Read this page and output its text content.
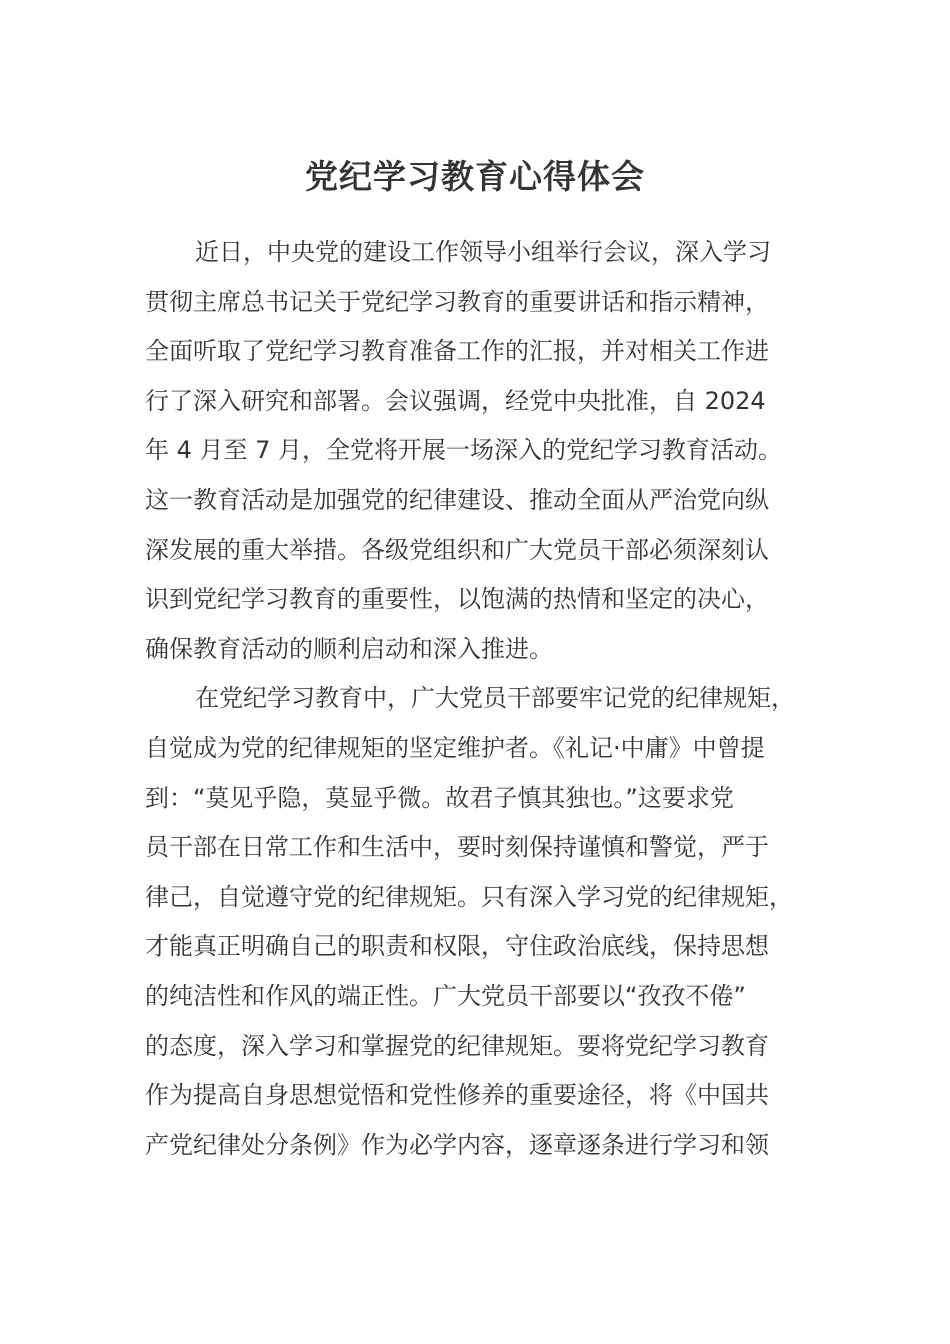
党纪学习教育心得体会
近日，中央党的建设工作领导小组举行会议，深入学习
贯彻主席总书记关于党纪学习教育的重要讲话和指示精神，
全面听取了党纪学习教育准备工作的汇报，并对相关工作进
行了深入研究和部署。会议强调，经党中央批准，自 2024
年 4 月至 7 月，全党将开展一场深入的党纪学习教育活动。
这一教育活动是加强党的纪律建设、推动全面从严治党向纵
深发展的重大举措。各级党组织和广大党员干部必须深刻认
识到党纪学习教育的重要性，以饱满的热情和坚定的决心，
确保教育活动的顺利启动和深入推进。
在党纪学习教育中，广大党员干部要牢记党的纪律规矩，
自觉成为党的纪律规矩的坚定维护者。《礼记·中庸》中曾提
到：“莫见乎隐，莫显乎微。故君子慎其独也。”这要求党
员干部在日常工作和生活中，要时刻保持谨慎和警觉，严于
律己，自觉遵守党的纪律规矩。只有深入学习党的纪律规矩，
才能真正明确自己的职责和权限，守住政治底线，保持思想
的纯洁性和作风的端正性。广大党员干部要以“孜孜不倦”
的态度，深入学习和掌握党的纪律规矩。要将党纪学习教育
作为提高自身思想觉悟和党性修养的重要途径，将《中国共
产党纪律处分条例》作为必学内容，逐章逐条进行学习和领
